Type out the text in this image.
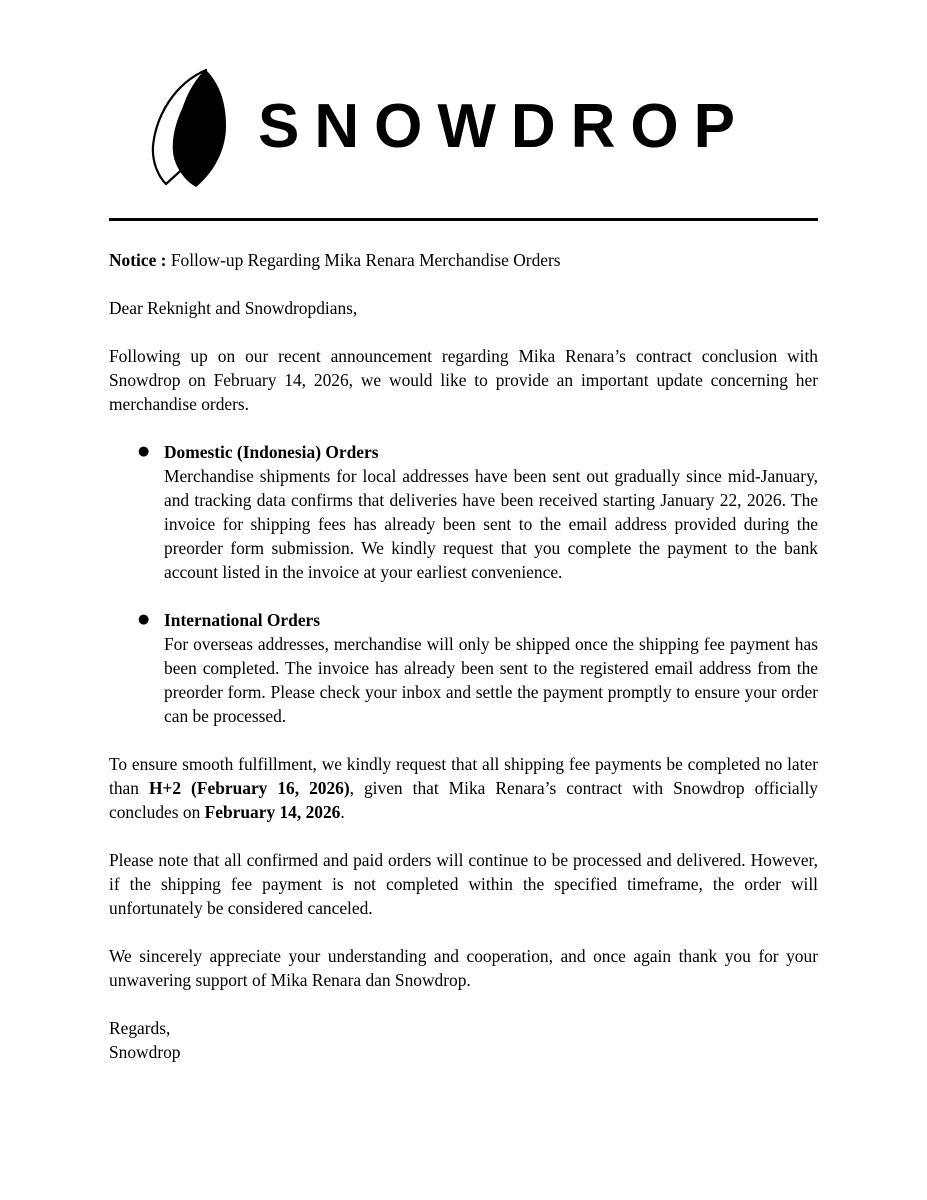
SNOWDROP

Notice : Follow-up Regarding Mika Renara Merchandise Orders

Dear Reknight and Snowdropdians,

Following up on our recent announcement regarding Mika Renara’s contract conclusion with Snowdrop on February 14, 2026, we would like to provide an important update concerning her merchandise orders.

● Domestic (Indonesia) Orders
Merchandise shipments for local addresses have been sent out gradually since mid-January, and tracking data confirms that deliveries have been received starting January 22, 2026. The invoice for shipping fees has already been sent to the email address provided during the preorder form submission. We kindly request that you complete the payment to the bank account listed in the invoice at your earliest convenience.
● International Orders
For overseas addresses, merchandise will only be shipped once the shipping fee payment has been completed. The invoice has already been sent to the registered email address from the preorder form. Please check your inbox and settle the payment promptly to ensure your order can be processed.

To ensure smooth fulfillment, we kindly request that all shipping fee payments be completed no later than H+2 (February 16, 2026), given that Mika Renara’s contract with Snowdrop officially concludes on February 14, 2026.

Please note that all confirmed and paid orders will continue to be processed and delivered. However, if the shipping fee payment is not completed within the specified timeframe, the order will unfortunately be considered canceled.

We sincerely appreciate your understanding and cooperation, and once again thank you for your unwavering support of Mika Renara dan Snowdrop.

Regards,
Snowdrop
